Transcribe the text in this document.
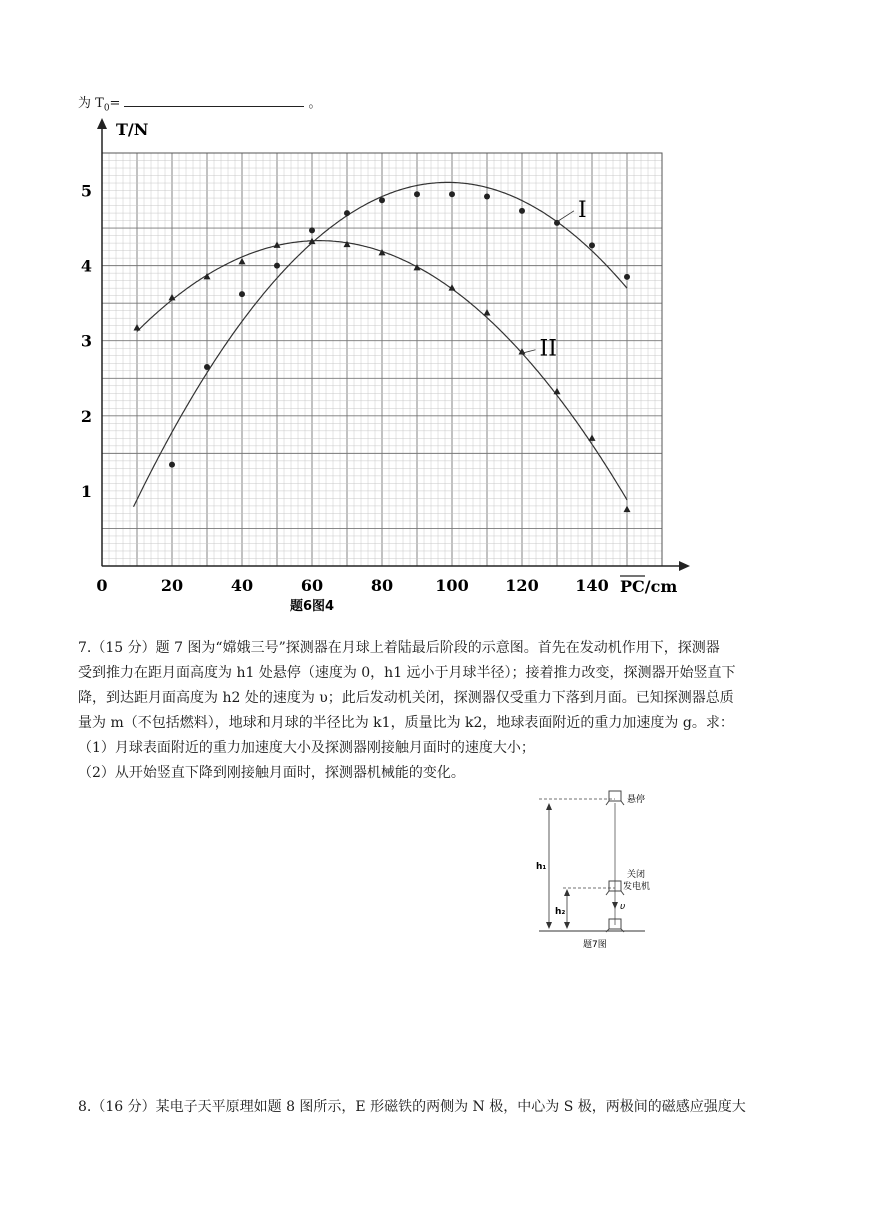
为 $T_0=$	。
0	20	40	60	80	100 120 140
1
2
3
4
5
T/N
PC/cm
题6图4
I
II

7.（15 分）题 7 图为“嫦娥三号”探测器在月球上着陆最后阶段的示意图。首先在发动机作用下，探测器

受到推力在距月面高度为 h1 处悬停（速度为 0，h1 远小于月球半径）；接着推力改变，探测器开始竖直下

降，到达距月面高度为 h2 处的速度为 υ；此后发动机关闭，探测器仅受重力下落到月面。已知探测器总质

量为 m（不包括燃料），地球和月球的半径比为 k1，质量比为 k2，地球表面附近的重力加速度为 g。求：

（1）月球表面附近的重力加速度大小及探测器刚接触月面时的速度大小；

（2）从开始竖直下降到刚接触月面时，探测器机械能的变化。

悬停
关闭
发电机
υ
h₁
h₂
题7图

8.（16 分）某电子天平原理如题 8 图所示，E 形磁铁的两侧为 N 极，中心为 S 极，两极间的磁感应强度大
